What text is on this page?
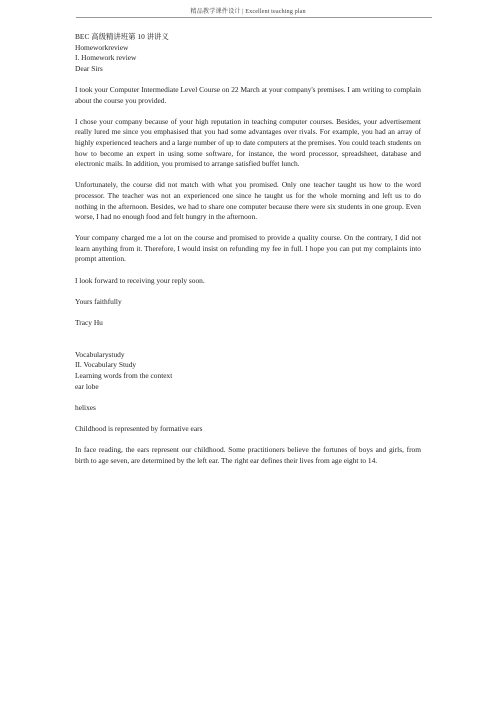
精品教学课件设计 | Excellent teaching plan

BEC 高级精讲班第 10 讲讲义

Homeworkreview

I. Homework review

Dear Sirs

I took your Computer Intermediate Level Course on 22 March at your company's premises. I am writing to complain about the course you provided.

I chose your company because of your high reputation in teaching computer courses. Besides, your advertisement really lured me since you emphasised that you had some advantages over rivals. For example, you had an array of highly experienced teachers and a large number of up to date computers at the premises. You could teach students on how to become an expert in using some software, for instance, the word processor, spreadsheet, database and electronic mails. In addition, you promised to arrange satisfied buffet lunch.

Unfortunately, the course did not match with what you promised. Only one teacher taught us how to the word processor. The teacher was not an experienced one since he taught us for the whole morning and left us to do nothing in the afternoon. Besides, we had to share one computer because there were six students in one group. Even worse, I had no enough food and felt hungry in the afternoon.

Your company charged me a lot on the course and promised to provide a quality course. On the contrary, I did not learn anything from it. Therefore, I would insist on refunding my fee in full. I hope you can put my complaints into prompt attention.

I look forward to receiving your reply soon.

Yours faithfully

Tracy Hu

Vocabularystudy

II. Vocabulary Study

Learning words from the context

ear lobe

helixes

Childhood is represented by formative ears

In face reading, the ears represent our childhood. Some practitioners believe the fortunes of boys and girls, from birth to age seven, are determined by the left ear. The right ear defines their lives from age eight to 14.
